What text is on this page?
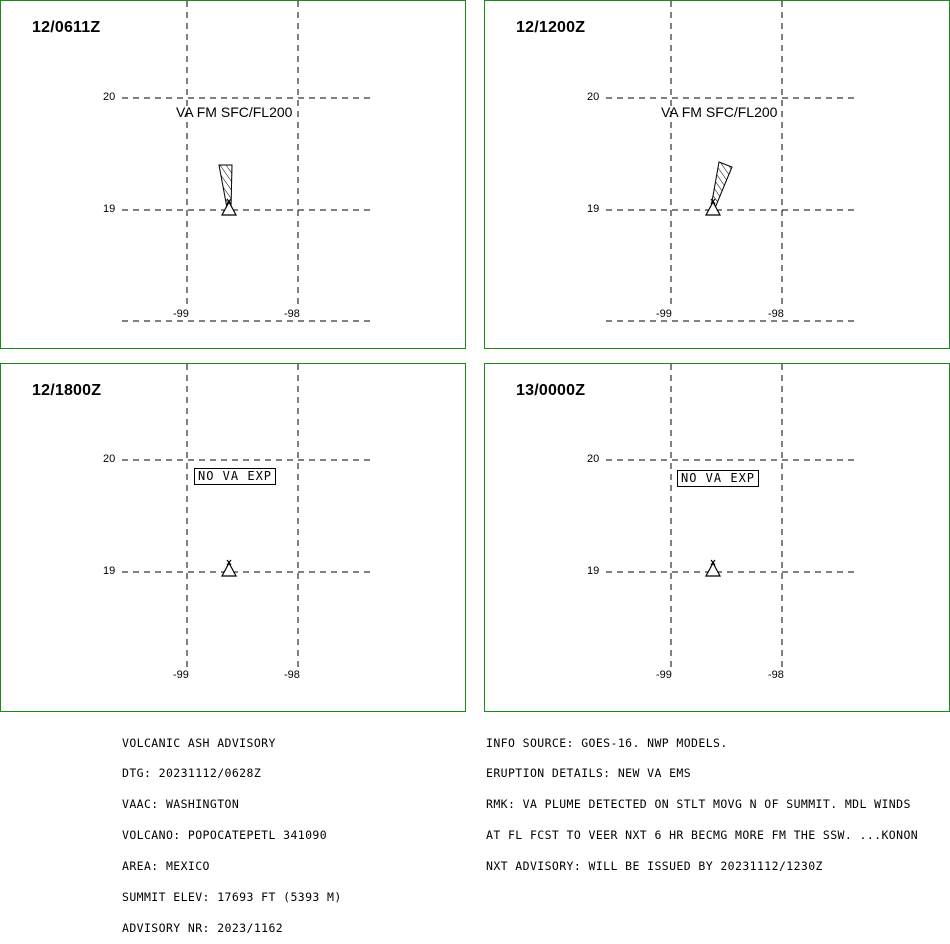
12/0611Z
20
19
-99	-98
VA FM SFC/FL200
12/1200Z
20
19
-99	-98
VA FM SFC/FL200
12/1800Z
20
19
-99	-98
NO VA EXP
13/0000Z
20
19
-99	-98
NO VA EXP

VOLCANIC ASH ADVISORY

DTG: 20231112/0628Z

VAAC: WASHINGTON

VOLCANO: POPOCATEPETL 341090

AREA: MEXICO

SUMMIT ELEV: 17693 FT (5393 M)

ADVISORY NR: 2023/1162

INFO SOURCE: GOES-16. NWP MODELS.

ERUPTION DETAILS: NEW VA EMS

RMK: VA PLUME DETECTED ON STLT MOVG N OF SUMMIT. MDL WINDS

AT FL FCST TO VEER NXT 6 HR BECMG MORE FM THE SSW. ...KONON

NXT ADVISORY: WILL BE ISSUED BY 20231112/1230Z
